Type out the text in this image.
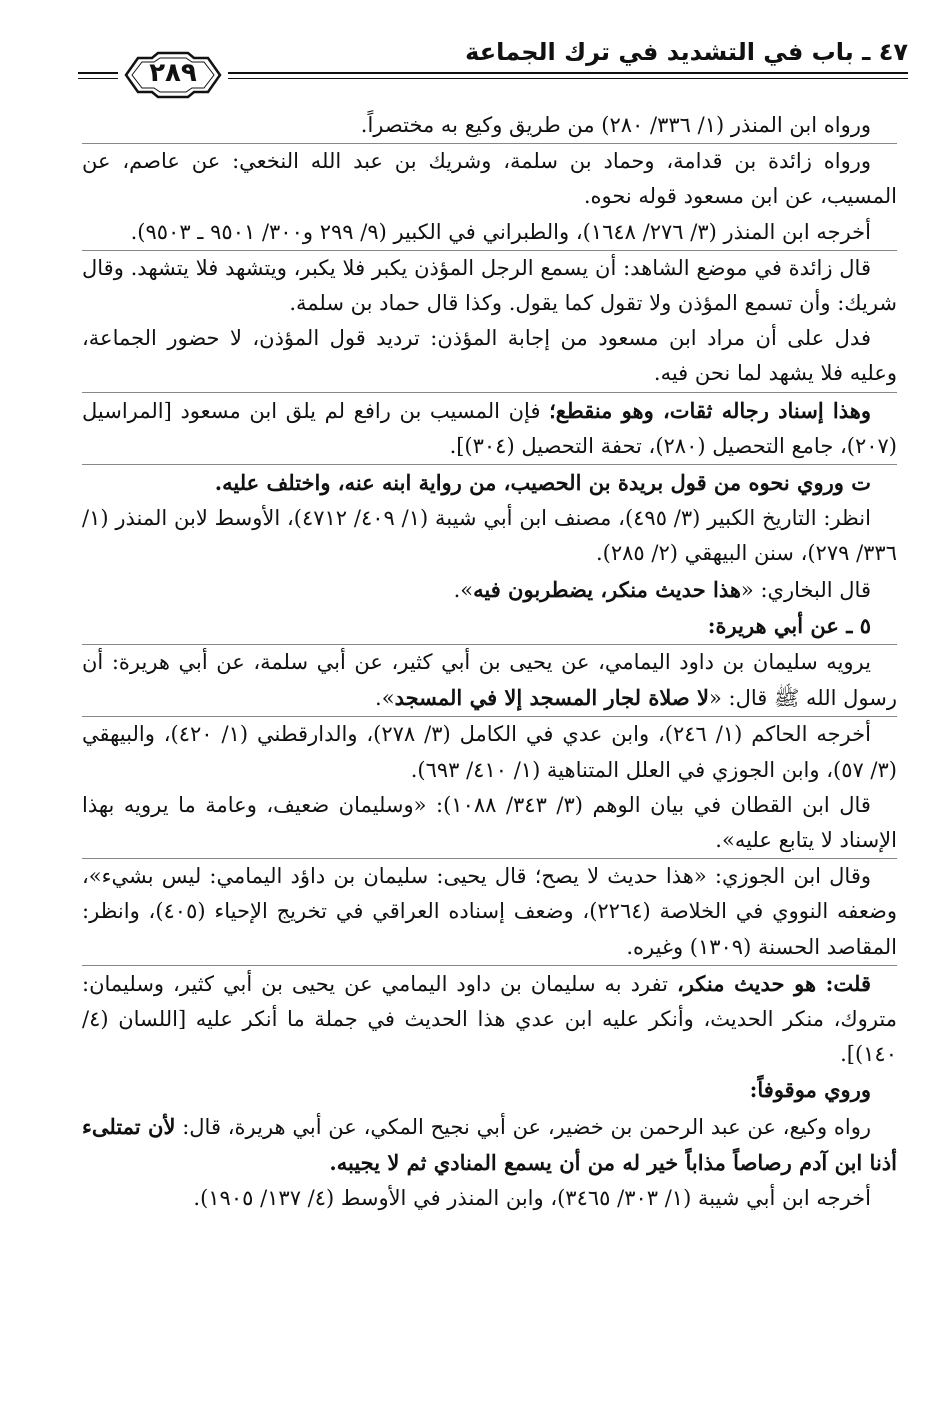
٤٧ ـ باب في التشديد في ترك الجماعة
٢٨٩

ورواه ابن المنذر (١/ ٣٣٦/ ٢٨٠) من طريق وكيع به مختصراً.

ورواه زائدة بن قدامة، وحماد بن سلمة، وشريك بن عبد الله النخعي: عن عاصم، عن المسيب، عن ابن مسعود قوله نحوه.

أخرجه ابن المنذر (٣/ ٢٧٦/ ١٦٤٨)، والطبراني في الكبير (٩/ ٢٩٩ و٣٠٠/ ٩٥٠١ ـ ٩٥٠٣).

قال زائدة في موضع الشاهد: أن يسمع الرجل المؤذن يكبر فلا يكبر، ويتشهد فلا يتشهد. وقال شريك: وأن تسمع المؤذن ولا تقول كما يقول. وكذا قال حماد بن سلمة.

فدل على أن مراد ابن مسعود من إجابة المؤذن: ترديد قول المؤذن، لا حضور الجماعة، وعليه فلا يشهد لما نحن فيه.

وهذا إسناد رجاله ثقات، وهو منقطع؛ فإن المسيب بن رافع لم يلق ابن مسعود [المراسيل (٢٠٧)، جامع التحصيل (٢٨٠)، تحفة التحصيل (٣٠٤)].

ت وروي نحوه من قول بريدة بن الحصيب، من رواية ابنه عنه، واختلف عليه.

انظر: التاريخ الكبير (٣/ ٤٩٥)، مصنف ابن أبي شيبة (١/ ٤٠٩/ ٤٧١٢)، الأوسط لابن المنذر (١/ ٣٣٦/ ٢٧٩)، سنن البيهقي (٢/ ٢٨٥).

قال البخاري: «هذا حديث منكر، يضطربون فيه».

٥ ـ عن أبي هريرة:

يرويه سليمان بن داود اليمامي، عن يحيى بن أبي كثير، عن أبي سلمة، عن أبي هريرة: أن رسول الله ﷺ قال: «لا صلاة لجار المسجد إلا في المسجد».

أخرجه الحاكم (١/ ٢٤٦)، وابن عدي في الكامل (٣/ ٢٧٨)، والدارقطني (١/ ٤٢٠)، والبيهقي (٣/ ٥٧)، وابن الجوزي في العلل المتناهية (١/ ٤١٠/ ٦٩٣).

قال ابن القطان في بيان الوهم (٣/ ٣٤٣/ ١٠٨٨): «وسليمان ضعيف، وعامة ما يرويه بهذا الإسناد لا يتابع عليه».

وقال ابن الجوزي: «هذا حديث لا يصح؛ قال يحيى: سليمان بن داؤد اليمامي: ليس بشيء»، وضعفه النووي في الخلاصة (٢٢٦٤)، وضعف إسناده العراقي في تخريج الإحياء (٤٠٥)، وانظر: المقاصد الحسنة (١٣٠٩) وغيره.

قلت: هو حديث منكر، تفرد به سليمان بن داود اليمامي عن يحيى بن أبي كثير، وسليمان: متروك، منكر الحديث، وأنكر عليه ابن عدي هذا الحديث في جملة ما أنكر عليه [اللسان (٤/ ١٤٠)].

وروي موقوفاً:

رواه وكيع، عن عبد الرحمن بن خضير، عن أبي نجيح المكي، عن أبي هريرة، قال: لأن تمتلىء أذنا ابن آدم رصاصاً مذاباً خير له من أن يسمع المنادي ثم لا يجيبه.

أخرجه ابن أبي شيبة (١/ ٣٠٣/ ٣٤٦٥)، وابن المنذر في الأوسط (٤/ ١٣٧/ ١٩٠٥).
